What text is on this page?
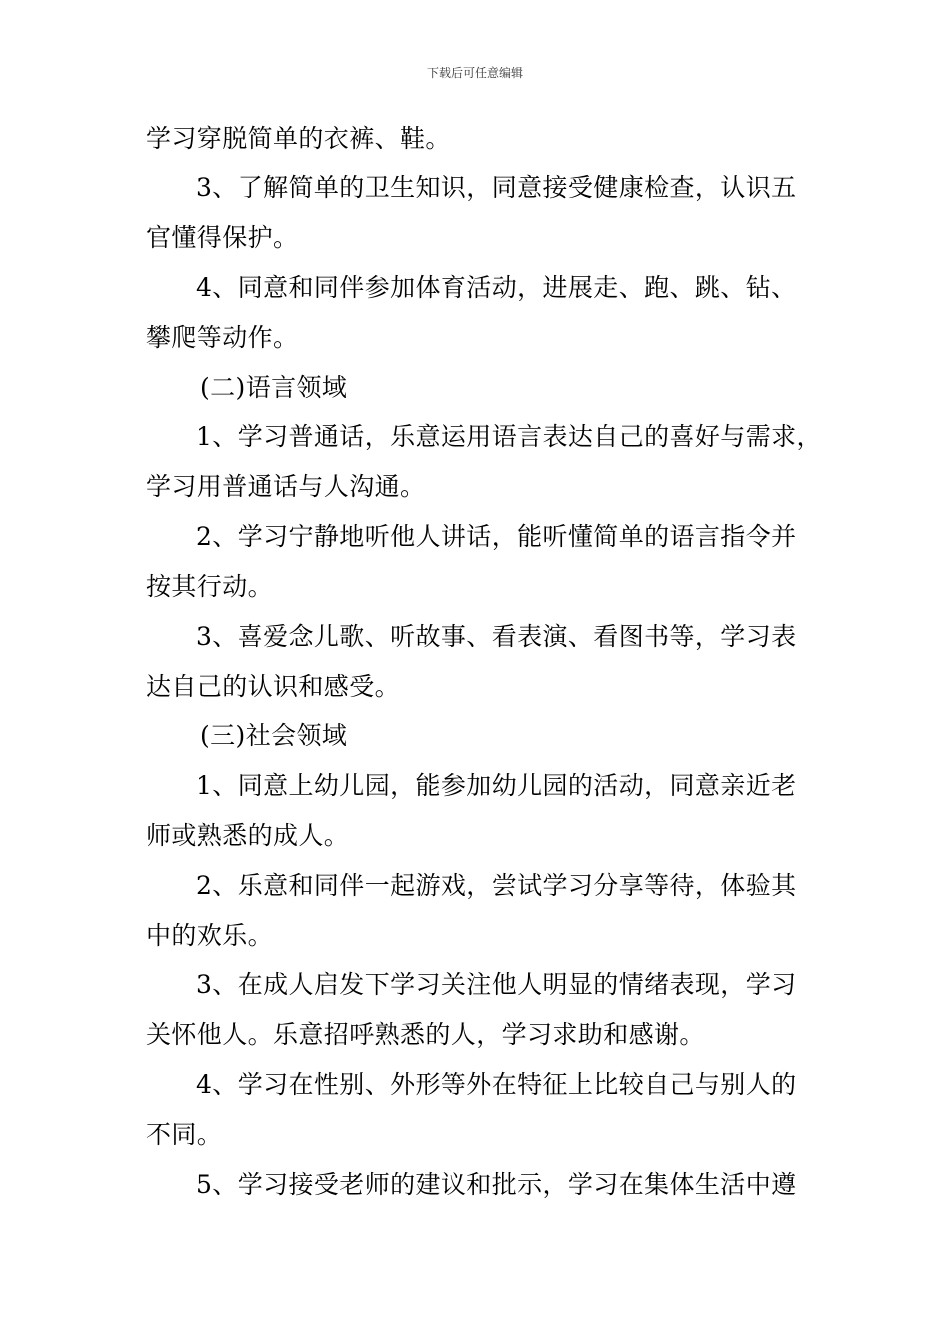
下载后可任意编辑
学习穿脱简单的衣裤、鞋。
3、了解简单的卫生知识，同意接受健康检查，认识五
官懂得保护。
4、同意和同伴参加体育活动，进展走、跑、跳、钻、
攀爬等动作。
(二)语言领域
1、学习普通话，乐意运用语言表达自己的喜好与需求，
学习用普通话与人沟通。
2、学习宁静地听他人讲话，能听懂简单的语言指令并
按其行动。
3、喜爱念儿歌、听故事、看表演、看图书等，学习表
达自己的认识和感受。
(三)社会领域
1、同意上幼儿园，能参加幼儿园的活动，同意亲近老
师或熟悉的成人。
2、乐意和同伴一起游戏，尝试学习分享等待，体验其
中的欢乐。
3、在成人启发下学习关注他人明显的情绪表现，学习
关怀他人。乐意招呼熟悉的人，学习求助和感谢。
4、学习在性别、外形等外在特征上比较自己与别人的
不同。
5、学习接受老师的建议和批示，学习在集体生活中遵
